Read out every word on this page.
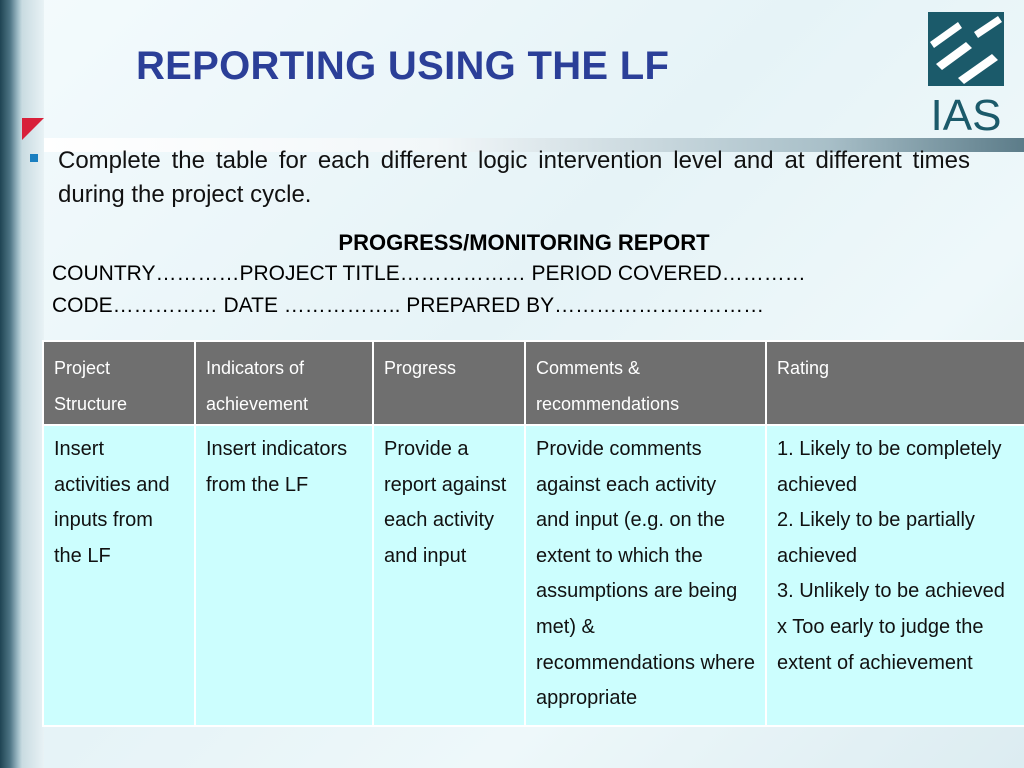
REPORTING USING THE LF
IAS

Complete the table for each different logic intervention level and at different times during the project cycle.

PROGRESS/MONITORING REPORT
COUNTRY…………PROJECT TITLE……………… PERIOD COVERED…………
CODE…………… DATE …………….. PREPARED BY…………………………
Project Structure	Indicators of achievement	Progress	Comments & recommendations	Rating
Insert activities and inputs from the LF	Insert indicators from the LF	Provide a report against each activity and input	Provide comments against each activity and input (e.g. on the extent to which the assumptions are being met) & recommendations where appropriate	1. Likely to be completely achieved
2. Likely to be partially achieved
3. Unlikely to be achieved
x Too early to judge the extent of achievement
